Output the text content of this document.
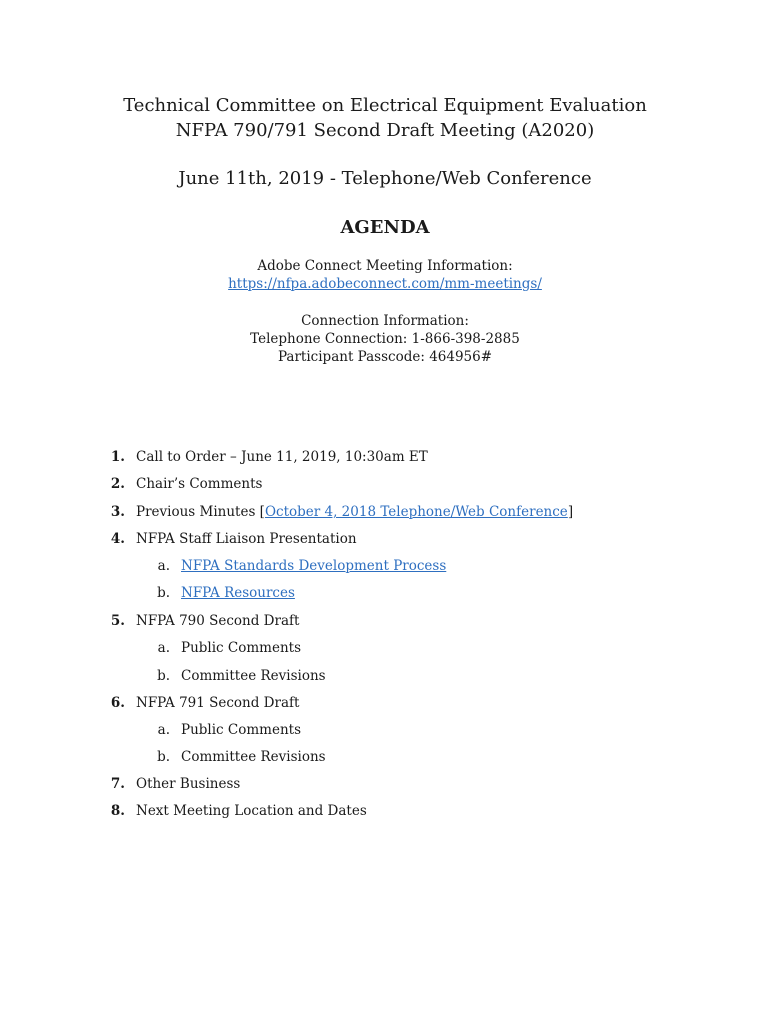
Technical Committee on Electrical Equipment Evaluation
NFPA 790/791 Second Draft Meeting (A2020)
June 11th, 2019 - Telephone/Web Conference
AGENDA
Adobe Connect Meeting Information:
https://nfpa.adobeconnect.com/mm-meetings/
Connection Information:
Telephone Connection: 1-866-398-2885
Participant Passcode: 464956#
1. Call to Order – June 11, 2019, 10:30am ET
2. Chair’s Comments
3. Previous Minutes [October 4, 2018 Telephone/Web Conference]
4. NFPA Staff Liaison Presentation
a. NFPA Standards Development Process
b. NFPA Resources
5. NFPA 790 Second Draft
a. Public Comments
b. Committee Revisions
6. NFPA 791 Second Draft
a. Public Comments
b. Committee Revisions
7. Other Business
8. Next Meeting Location and Dates
